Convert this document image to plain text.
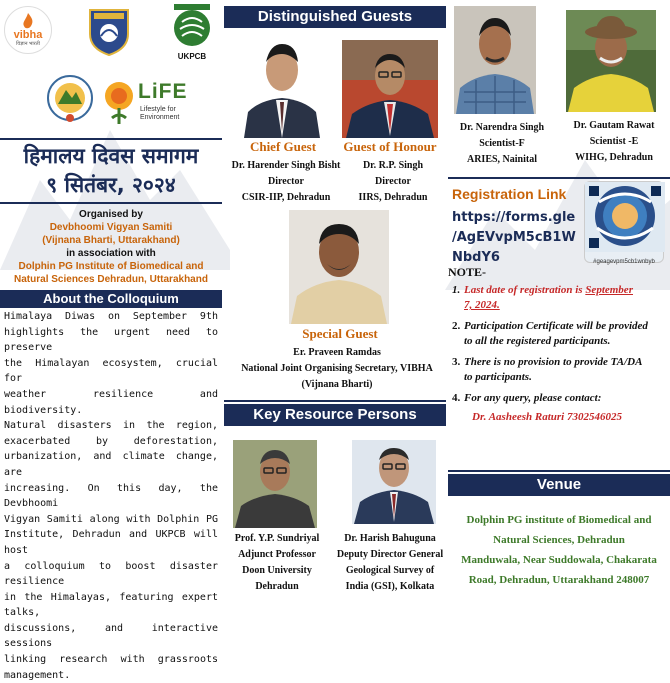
vibha
विज्ञान भारती
UKPCB
LiFE
Lifestyle for Environment
हिमालय दिवस समागम
९ सितंबर, २०२४
Organised by
Devbhoomi Vigyan Samiti
(Vijnana Bharti, Uttarakhand)
in association with
Dolphin PG Institute of Biomedical and
Natural Sciences Dehradun, Uttarakhand
About the Colloquium
Himalaya Diwas on September 9th
highlights the urgent need to preserve
the Himalayan ecosystem, crucial for
weather resilience and biodiversity.
Natural disasters in the region,
exacerbated by deforestation,
urbanization, and climate change, are
increasing. On this day, the Devbhoomi
Vigyan Samiti along with Dolphin PG
Institute, Dehradun and UKPCB will host
a colloquium to boost disaster resilience
in the Himalayas, featuring expert talks,
discussions, and interactive sessions
linking research with grassroots
management.
Distinguished Guests
Chief Guest	Guest of Honour
Dr. Harender Singh Bisht
Director
CSIR-IIP, Dehradun
Dr. R.P. Singh
Director
IIRS, Dehradun
Special Guest
Er. Praveen Ramdas
National Joint Organising Secretary, VIBHA
(Vijnana Bharti)
Key Resource Persons
Prof. Y.P. Sundriyal
Adjunct Professor
Doon University
Dehradun
Dr. Harish Bahuguna
Deputy Director General
Geological Survey of
India (GSI), Kolkata
Dr. Narendra Singh
Scientist-F
ARIES, Nainital
Dr. Gautam Rawat
Scientist -E
WIHG, Dehradun
Registration Link
https://forms.gle
/AgEVvpM5cB1W
NbdY6	#geagevpm5cb1wnbyb
NOTE-
1. Last date of registration is September
7, 2024.
2. Participation Certificate will be provided
to all the registered participants.
3. There is no provision to provide TA/DA
to participants.
4. For any query, please contact:
Dr. Aasheesh Raturi 7302546025
Venue
Dolphin PG institute of Biomedical and
Natural Sciences, Dehradun
Manduwala, Near Suddowala, Chakarata
Road, Dehradun, Uttarakhand 248007
